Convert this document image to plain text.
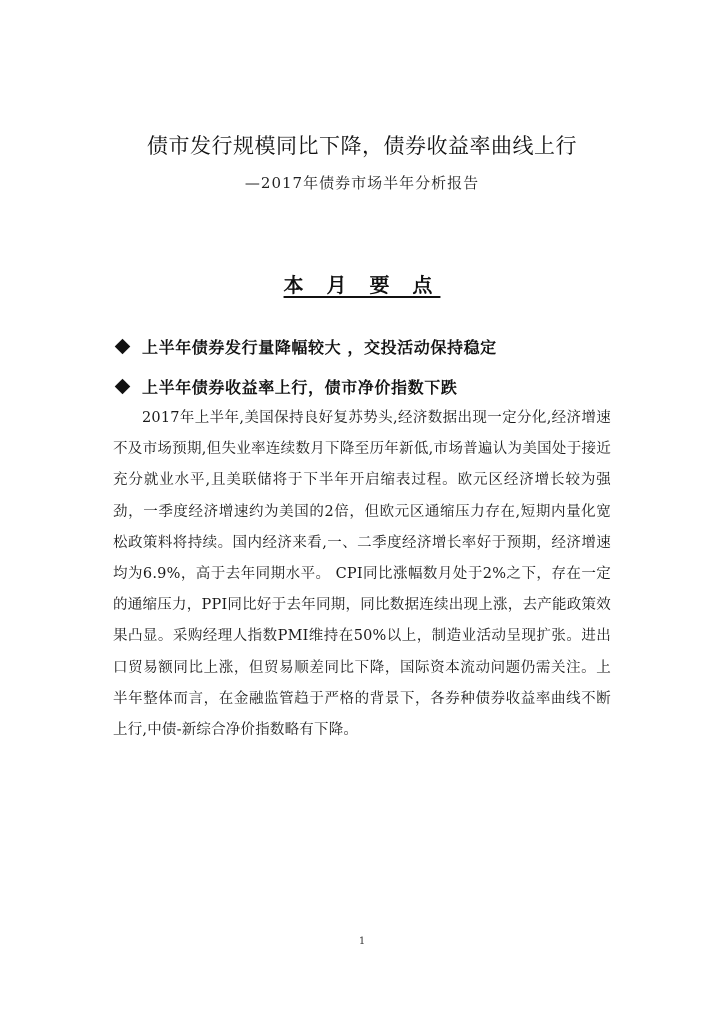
债市发行规模同比下降，债券收益率曲线上行
—2017年债券市场半年分析报告
本 月 要 点
上半年债券发行量降幅较大 ，交投活动保持稳定
上半年债券收益率上行，债市净价指数下跌

2017年上半年,美国保持良好复苏势头,经济数据出现一定分化,经济增速不及市场预期,但失业率连续数月下降至历年新低,市场普遍认为美国处于接近充分就业水平,且美联储将于下半年开启缩表过程。欧元区经济增长较为强劲，一季度经济增速约为美国的2倍，但欧元区通缩压力存在,短期内量化宽松政策料将持续。国内经济来看,一、二季度经济增长率好于预期，经济增速均为6.9%，高于去年同期水平。 CPI同比涨幅数月处于2%之下，存在一定的通缩压力，PPI同比好于去年同期，同比数据连续出现上涨，去产能政策效果凸显。采购经理人指数PMI维持在50%以上，制造业活动呈现扩张。进出口贸易额同比上涨，但贸易顺差同比下降，国际资本流动问题仍需关注。上半年整体而言，在金融监管趋于严格的背景下，各券种债券收益率曲线不断上行,中债-新综合净价指数略有下降。

1
